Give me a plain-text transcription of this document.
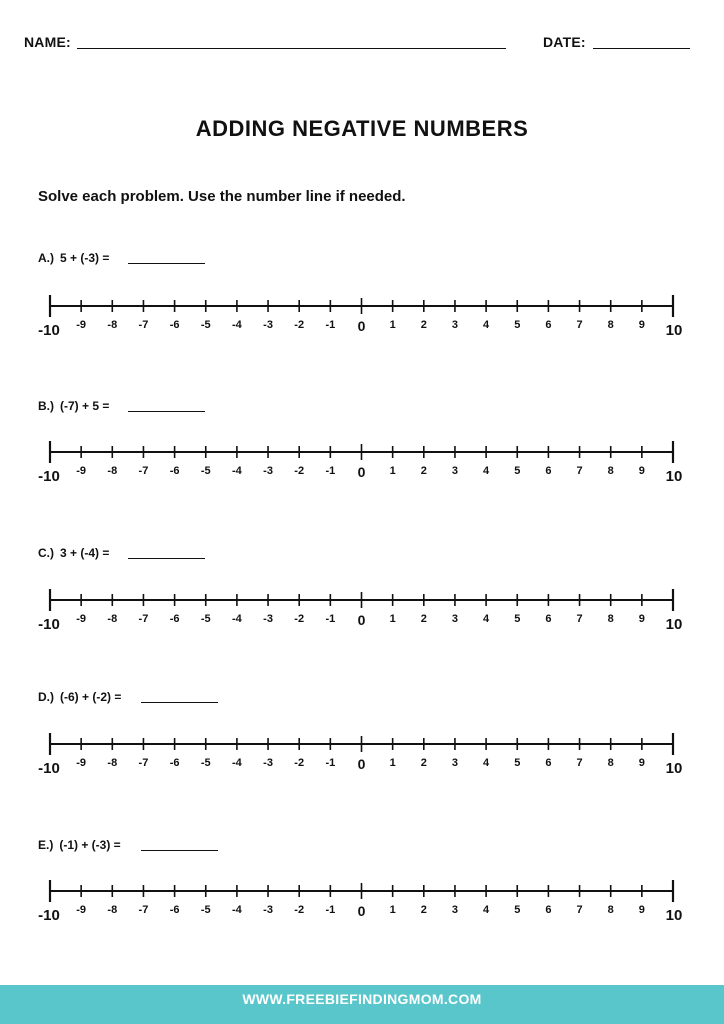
NAME:	DATE:
ADDING NEGATIVE NUMBERS
Solve each problem. Use the number line if needed.
A.) 5 + (-3) =
-10 -9 -8 -7 -6 -5 -4 -3 -2 -1 0 1 2 3 4 5 6 7 8 9 10
B.) (-7) + 5 =
-10 -9 -8 -7 -6 -5 -4 -3 -2 -1 0 1 2 3 4 5 6 7 8 9 10
C.) 3 + (-4) =
-10 -9 -8 -7 -6 -5 -4 -3 -2 -1 0 1 2 3 4 5 6 7 8 9 10
D.) (-6) + (-2) =
-10 -9 -8 -7 -6 -5 -4 -3 -2 -1 0 1 2 3 4 5 6 7 8 9 10
E.) (-1) + (-3) =
-10 -9 -8 -7 -6 -5 -4 -3 -2 -1 0 1 2 3 4 5 6 7 8 9 10
WWW.FREEBIEFINDINGMOM.COM
